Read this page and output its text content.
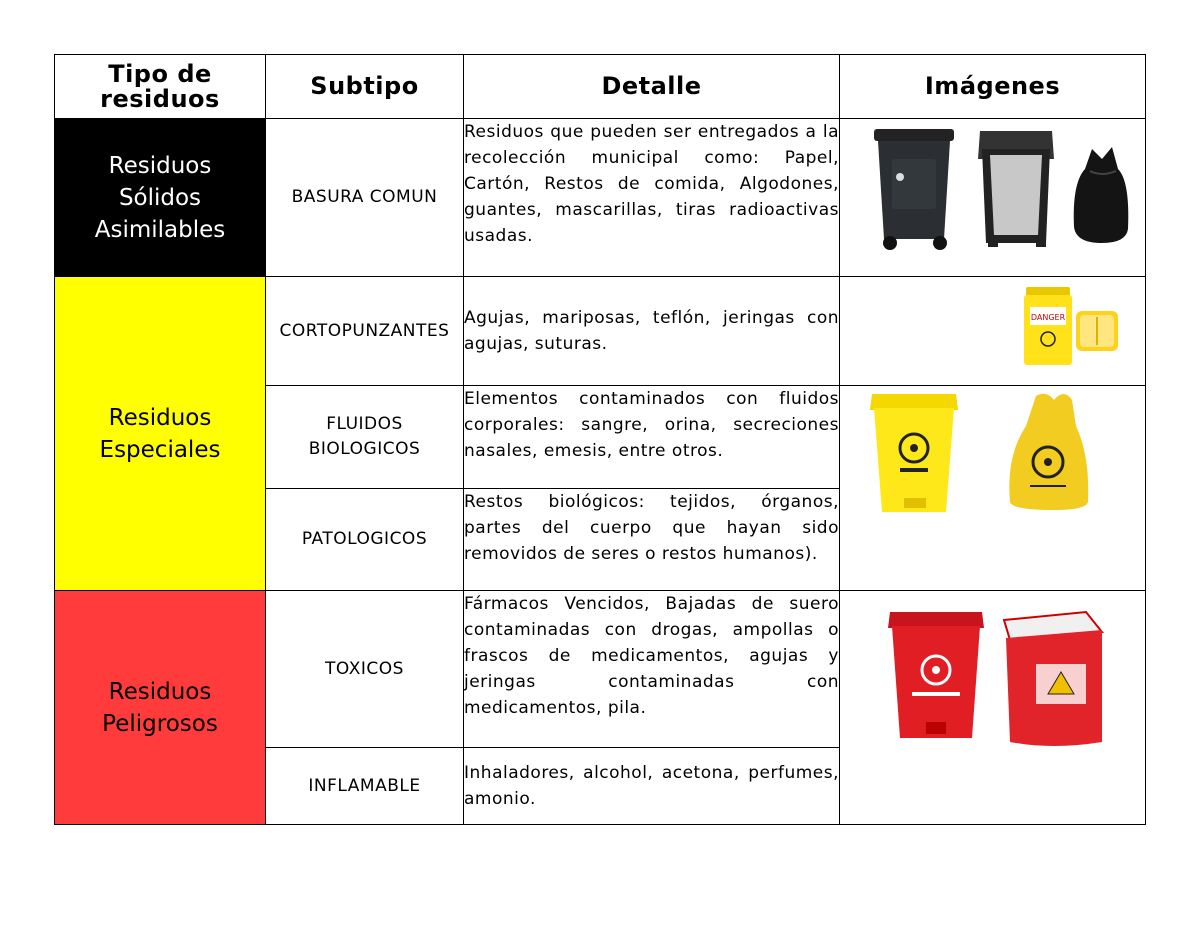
Tipo de residuos	Subtipo	Detalle	Imágenes
Residuos Sólidos Asimilables	BASURA COMUN	Residuos que pueden ser entregados a la recolección municipal como: Papel, Cartón, Restos de comida, Algodones, guantes, mascarillas, tiras radioactivas usadas.	

Residuos Especiales	CORTOPUNZANTES	Agujas, mariposas, teflón, jeringas con agujas, suturas.	DANGER

	FLUIDOS BIOLOGICOS	Elementos contaminados con fluidos corporales: sangre, orina, secreciones nasales, emesis, entre otros.	

	PATOLOGICOS	Restos biológicos: tejidos, órganos, partes del cuerpo que hayan sido removidos de seres o restos humanos).	
Residuos Peligrosos	TOXICOS	Fármacos Vencidos, Bajadas de suero contaminadas con drogas, ampollas o frascos de medicamentos, agujas y jeringas contaminadas con medicamentos, pila.	

	INFLAMABLE	Inhaladores, alcohol, acetona, perfumes, amonio.	
